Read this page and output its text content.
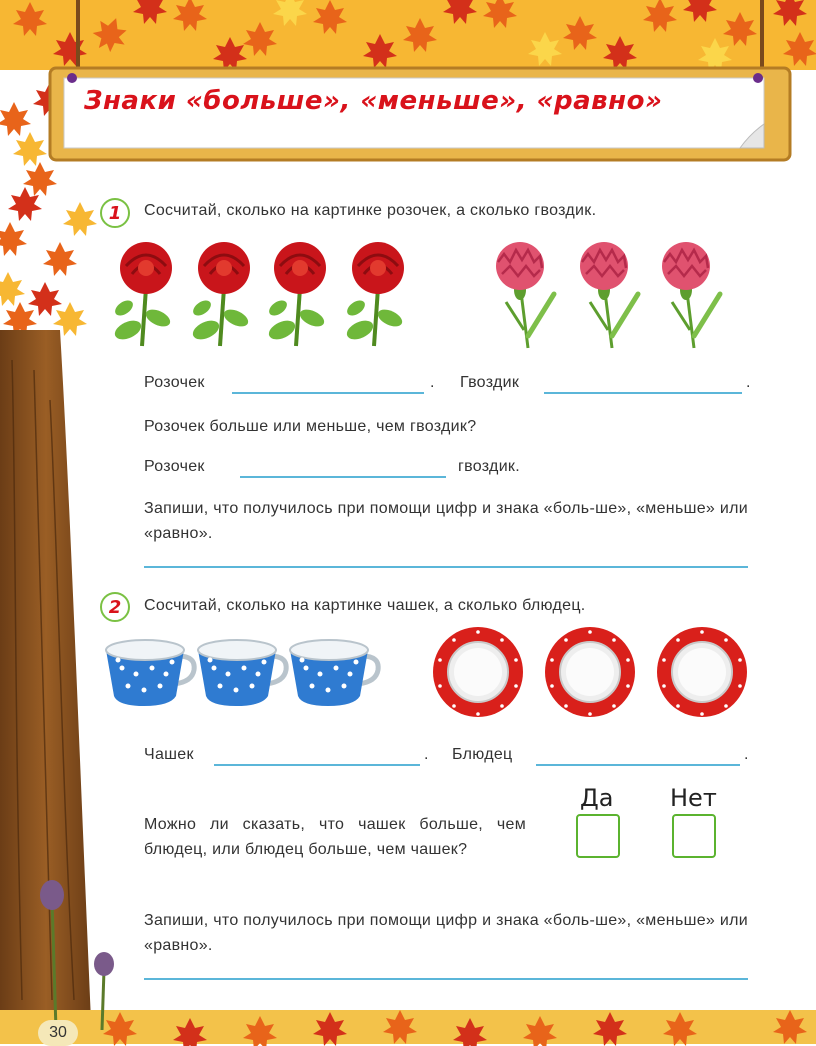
Знаки «больше», «меньше», «равно»
1 Сосчитай, сколько на картинке розочек, а сколько гвоздик.
Розочек	. Гвоздик	.
Розочек больше или меньше, чем гвоздик?
Розочек	гвоздик.
Запиши, что получилось при помощи цифр и знака «боль-ше», «меньше» или «равно».
2 Сосчитай, сколько на картинке чашек, а сколько блюдец.
Чашек	. Блюдец	.
Можно ли сказать, что чашек больше, чем блюдец, или блюдец больше, чем чашек?
Да Нет
Запиши, что получилось при помощи цифр и знака «боль-ше», «меньше» или «равно».
30
